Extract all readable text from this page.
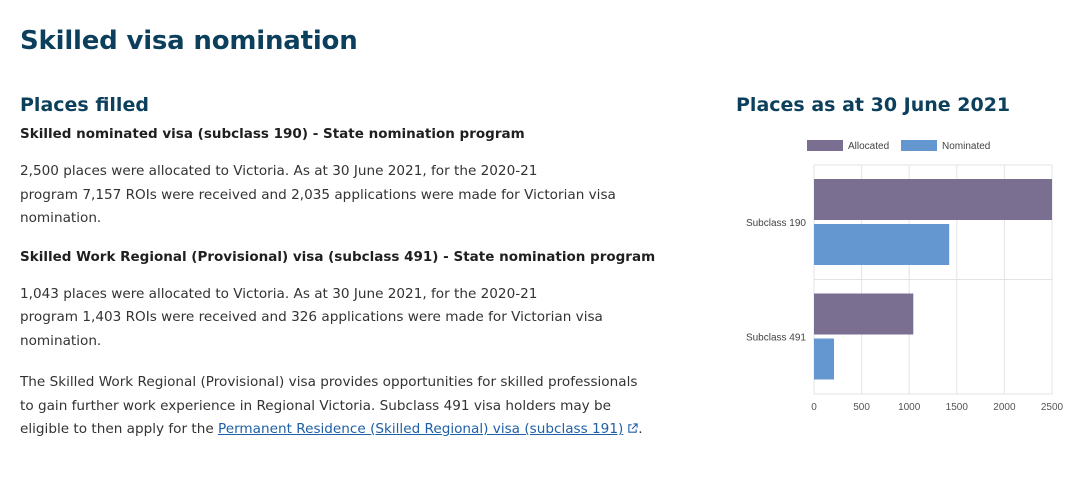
Skilled visa nomination
Places filled
Skilled nominated visa (subclass 190) - State nomination program

2,500 places were allocated to Victoria. As at 30 June 2021, for the 2020-21
program 7,157 ROIs were received and 2,035 applications were made for Victorian visa
nomination.

Skilled Work Regional (Provisional) visa (subclass 491) - State nomination program

1,043 places were allocated to Victoria. As at 30 June 2021, for the 2020-21
program 1,403 ROIs were received and 326 applications were made for Victorian visa
nomination.

The Skilled Work Regional (Provisional) visa provides opportunities for skilled professionals
to gain further work experience in Regional Victoria. Subclass 491 visa holders may be
eligible to then apply for the Permanent Residence (Skilled Regional) visa (subclass 191) .

Places as at 30 June 2021
0	500	1000	1500	2000	2500
Subclass 190
Subclass 491
Allocated	Nominated
